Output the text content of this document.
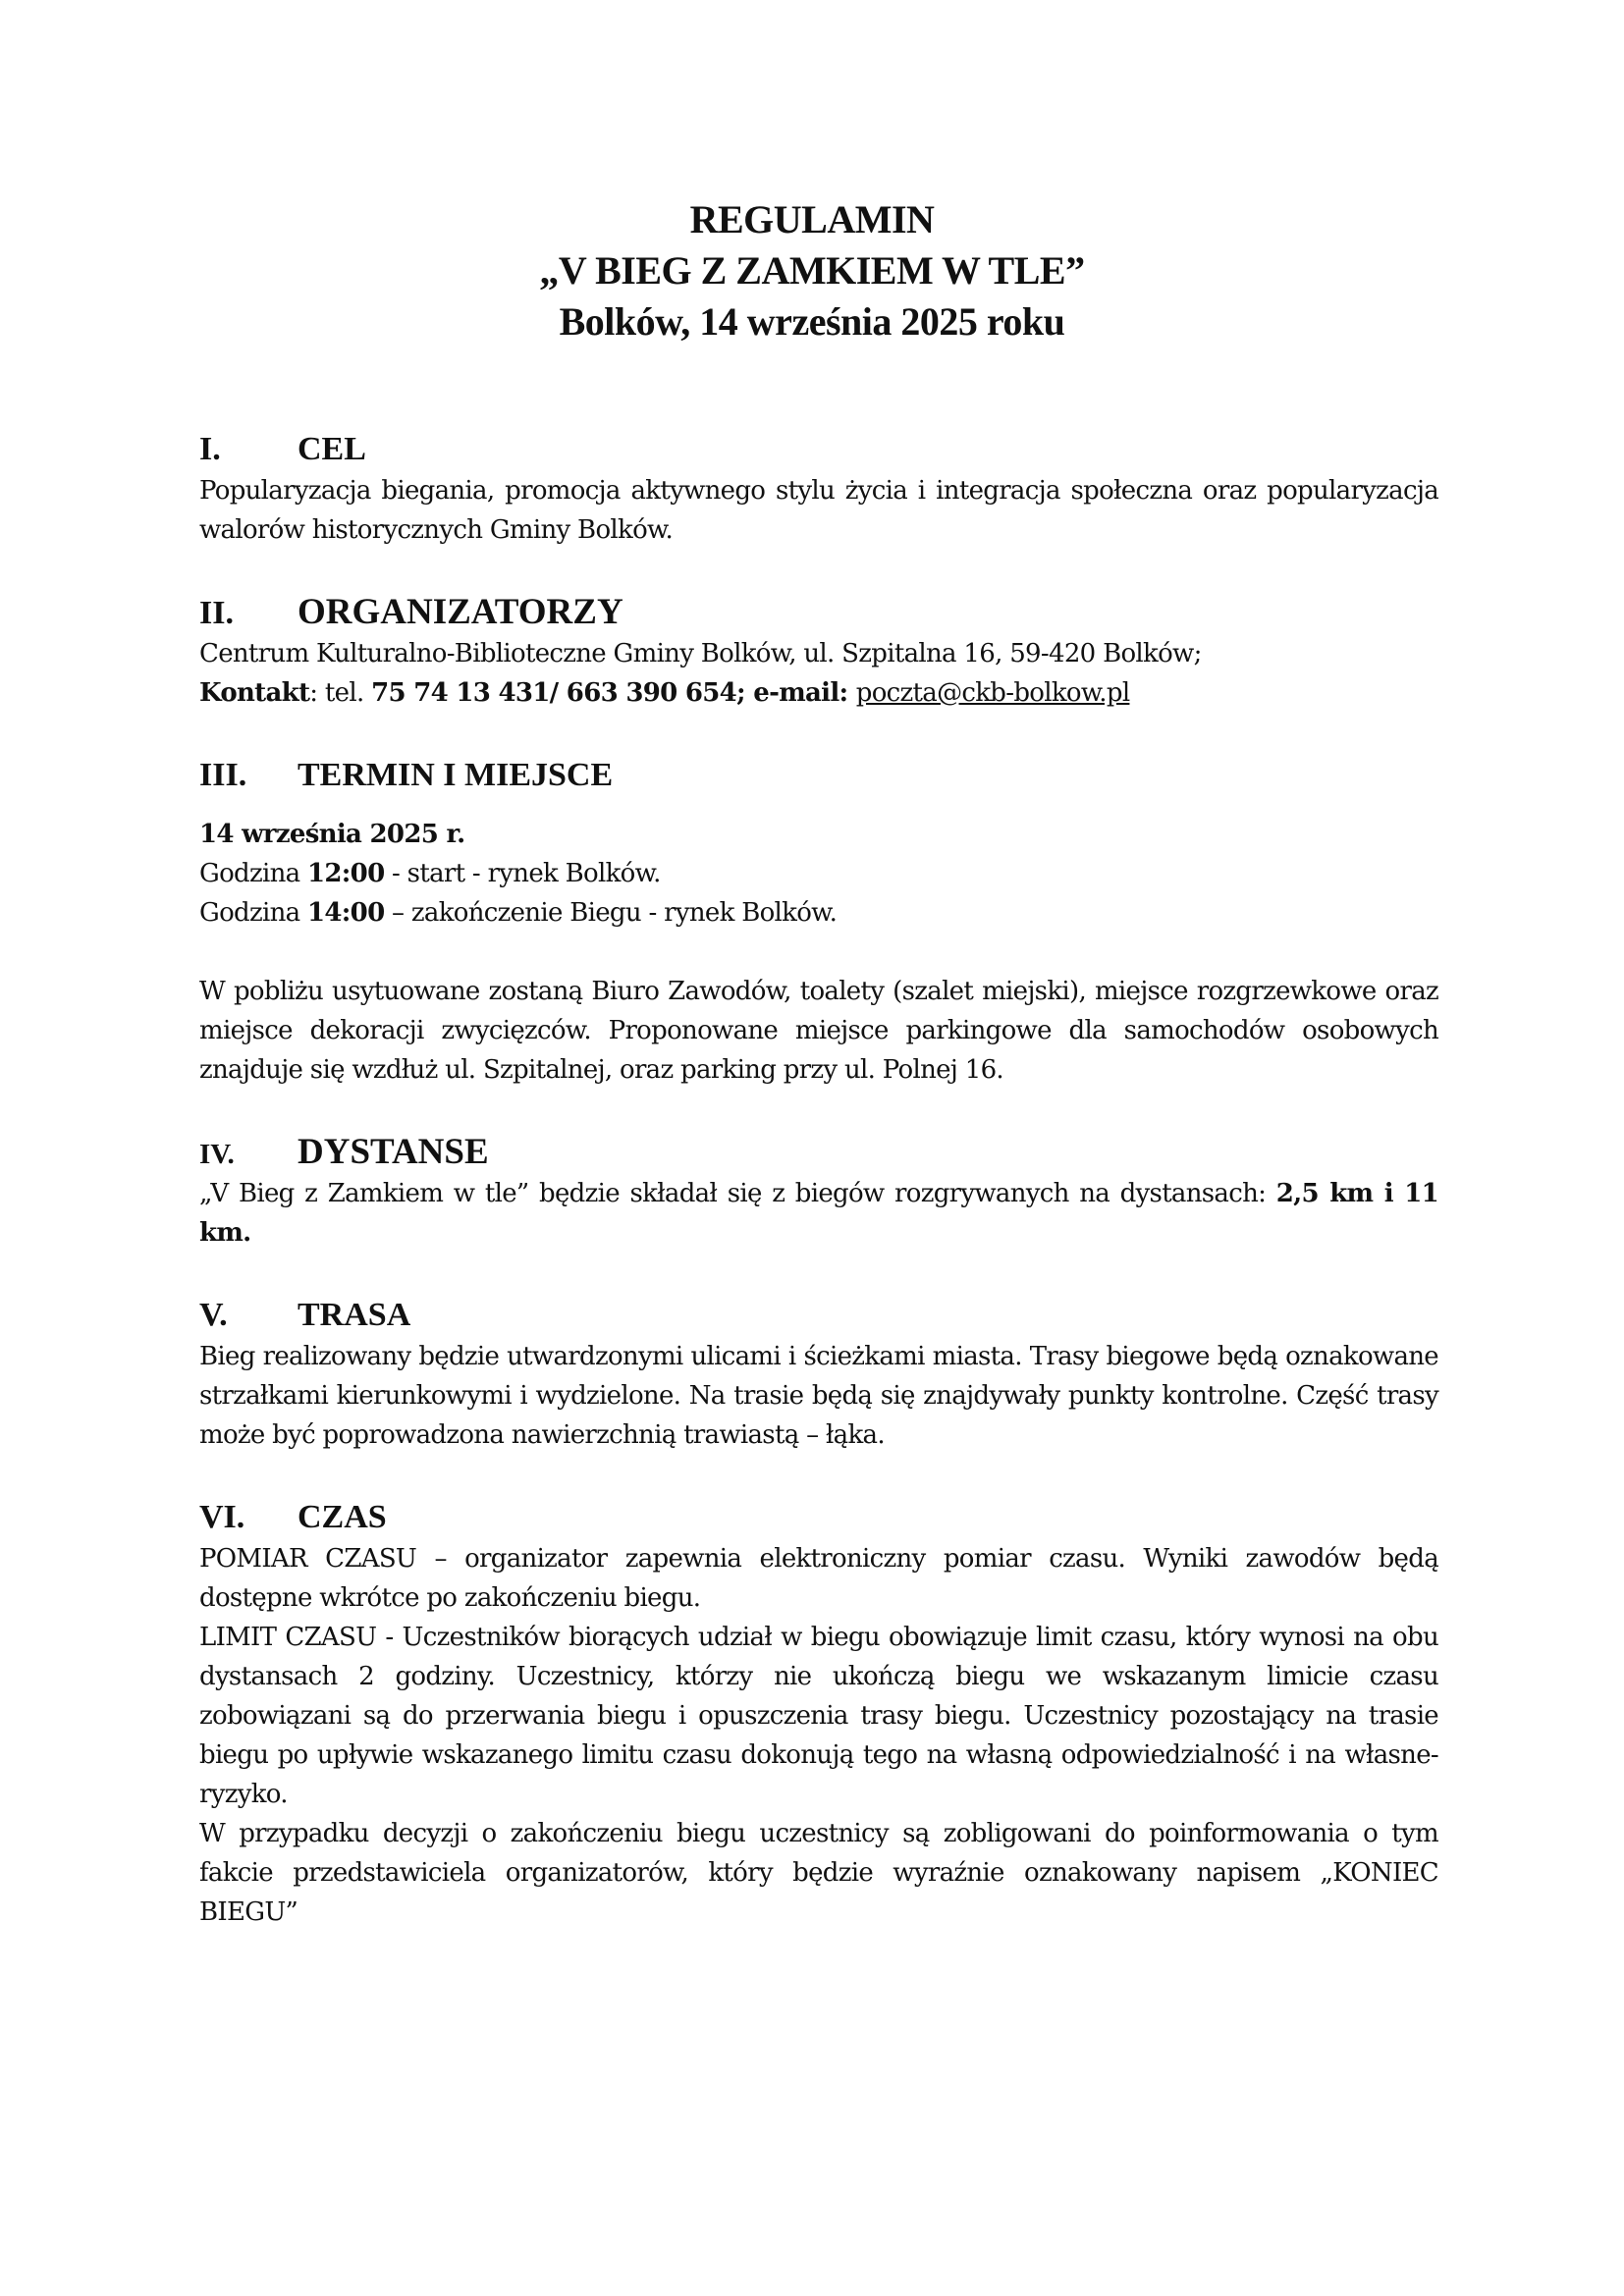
REGULAMIN
„V BIEG Z ZAMKIEM W TLE”
Bolków, 14 września 2025 roku
I.	CEL

Popularyzacja biegania, promocja aktywnego stylu życia i integracja społeczna oraz popularyzacja walorów historycznych Gminy Bolków.

II.	ORGANIZATORZY

Centrum Kulturalno-Biblioteczne Gminy Bolków, ul. Szpitalna 16, 59-420 Bolków;

Kontakt: tel. 75 74 13 431/ 663 390 654; e-mail: poczta@ckb-bolkow.pl

III.	TERMIN I MIEJSCE

14 września 2025 r.

Godzina 12:00 - start - rynek Bolków.

Godzina 14:00 – zakończenie Biegu - rynek Bolków.

W pobliżu usytuowane zostaną Biuro Zawodów, toalety (szalet miejski), miejsce rozgrzewkowe oraz miejsce dekoracji zwycięzców. Proponowane miejsce parkingowe dla samochodów osobowych znajduje się wzdłuż ul. Szpitalnej, oraz parking przy ul. Polnej 16.

IV.	DYSTANSE

„V Bieg z Zamkiem w tle” będzie składał się z biegów rozgrywanych na dystansach: 2,5 km i 11 km.

V.	TRASA

Bieg realizowany będzie utwardzonymi ulicami i ścieżkami miasta. Trasy biegowe będą oznakowane strzałkami kierunkowymi i wydzielone. Na trasie będą się znajdywały punkty kontrolne. Część trasy może być poprowadzona nawierzchnią trawiastą – łąka.

VI.	CZAS

POMIAR CZASU – organizator zapewnia elektroniczny pomiar czasu. Wyniki zawodów będą dostępne wkrótce po zakończeniu biegu.

LIMIT CZASU - Uczestników biorących udział w biegu obowiązuje limit czasu, który wynosi na obu dystansach 2 godziny. Uczestnicy, którzy nie ukończą biegu we wskazanym limicie czasu zobowiązani są do przerwania biegu i opuszczenia trasy biegu. Uczestnicy pozostający na trasie biegu po upływie wskazanego limitu czasu dokonują tego na własną odpowiedzialność i na własne-ryzyko.

W przypadku decyzji o zakończeniu biegu uczestnicy są zobligowani do poinformowania o tym fakcie przedstawiciela organizatorów, który będzie wyraźnie oznakowany napisem „KONIEC BIEGU”
